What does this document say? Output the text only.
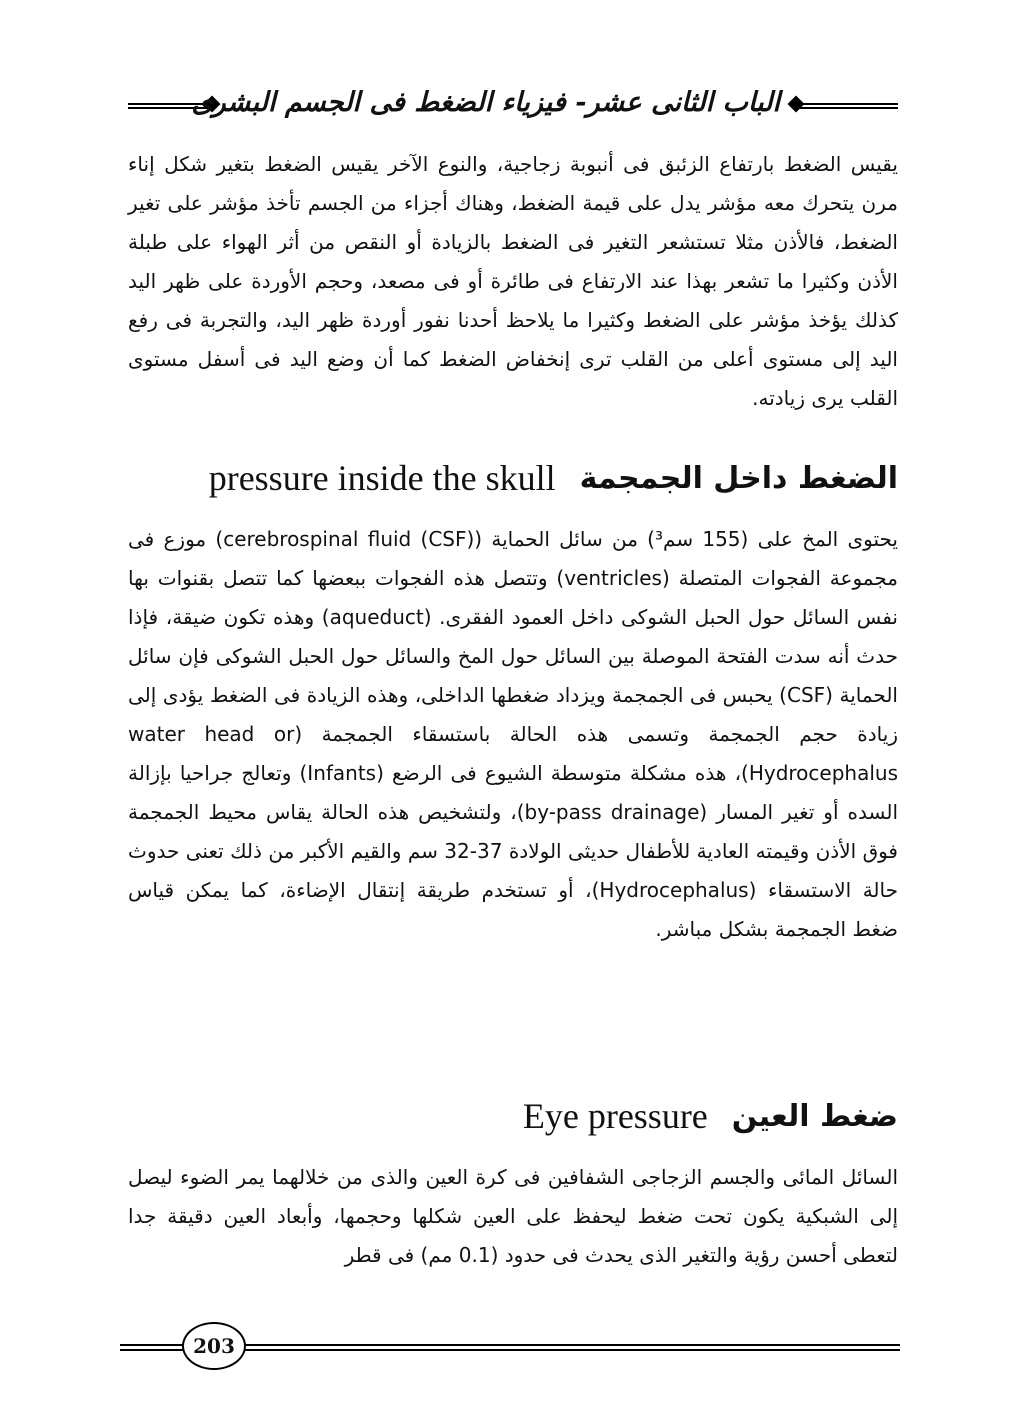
الباب الثانى عشر- فيزياء الضغط فى الجسم البشرى

يقيس الضغط بارتفاع الزئبق فى أنبوبة زجاجية، والنوع الآخر يقيس الضغط بتغير شكل إناء مرن يتحرك معه مؤشر يدل على قيمة الضغط، وهناك أجزاء من الجسم تأخذ مؤشر على تغير الضغط، فالأذن مثلا تستشعر التغير فى الضغط بالزيادة أو النقص من أثر الهواء على طبلة الأذن وكثيرا ما تشعر بهذا عند الارتفاع فى طائرة أو فى مصعد، وحجم الأوردة على ظهر اليد كذلك يؤخذ مؤشر على الضغط وكثيرا ما يلاحظ أحدنا نفور أوردة ظهر اليد، والتجربة فى رفع اليد إلى مستوى أعلى من القلب ترى إنخفاض الضغط كما أن وضع اليد فى أسفل مستوى القلب يرى زيادته.

الضغط داخل الجمجمة
pressure inside the skull

يحتوى المخ على (155 سم³) من سائل الحماية (cerebrospinal fluid (CSF)) موزع فى مجموعة الفجوات المتصلة (ventricles) وتتصل هذه الفجوات ببعضها كما تتصل بقنوات بها نفس السائل حول الحبل الشوكى داخل العمود الفقرى. (aqueduct) وهذه تكون ضيقة، فإذا حدث أنه سدت الفتحة الموصلة بين السائل حول المخ والسائل حول الحبل الشوكى فإن سائل الحماية (CSF) يحبس فى الجمجمة ويزداد ضغطها الداخلى، وهذه الزيادة فى الضغط يؤدى إلى زيادة حجم الجمجمة وتسمى هذه الحالة باستسقاء الجمجمة (water head or Hydrocephalus)، هذه مشكلة متوسطة الشيوع فى الرضع (Infants) وتعالج جراحيا بإزالة السده أو تغير المسار (by-pass drainage)، ولتشخيص هذه الحالة يقاس محيط الجمجمة فوق الأذن وقيمته العادية للأطفال حديثى الولادة 37-32 سم والقيم الأكبر من ذلك تعنى حدوث حالة الاستسقاء (Hydrocephalus)، أو تستخدم طريقة إنتقال الإضاءة، كما يمكن قياس ضغط الجمجمة بشكل مباشر.

ضغط العين
Eye pressure

السائل المائى والجسم الزجاجى الشفافين فى كرة العين والذى من خلالهما يمر الضوء ليصل إلى الشبكية يكون تحت ضغط ليحفظ على العين شكلها وحجمها، وأبعاد العين دقيقة جدا لتعطى أحسن رؤية والتغير الذى يحدث فى حدود (0.1 مم) فى قطر

203
